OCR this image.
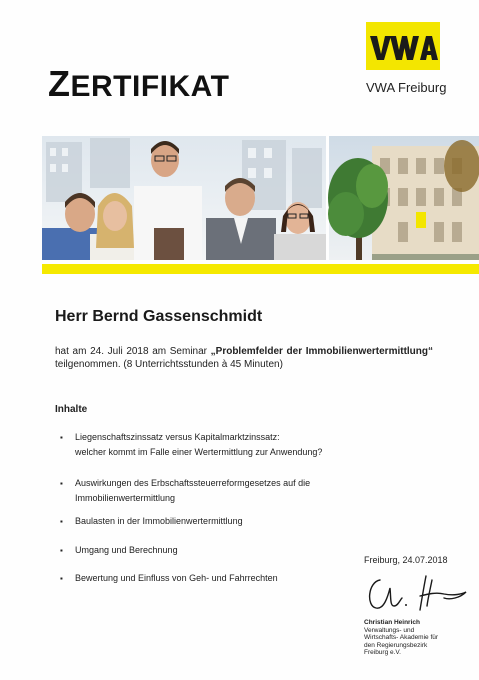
ZERTIFIKAT	VWA Freiburg
Herr Bernd Gassenschmidt
hat am 24. Juli 2018 am Seminar „Problemfelder der Immobilienwertermittlung“ teilgenommen. (8 Unterrichtsstunden à 45 Minuten)
Inhalte
▪ Liegenschaftszinssatz versus Kapitalmarktzinssatz:
welcher kommt im Falle einer Wertermittlung zur Anwendung?
▪ Auswirkungen des Erbschaftssteuerreformgesetzes auf die
Immobilienwertermittlung
▪ Baulasten in der Immobilienwertermittlung
▪ Umgang und Berechnung
▪ Bewertung und Einfluss von Geh- und Fahrrechten
Freiburg, 24.07.2018
Christian Heinrich
Verwaltungs- und
Wirtschafts- Akademie für
den Regierungsbezirk
Freiburg e.V.
